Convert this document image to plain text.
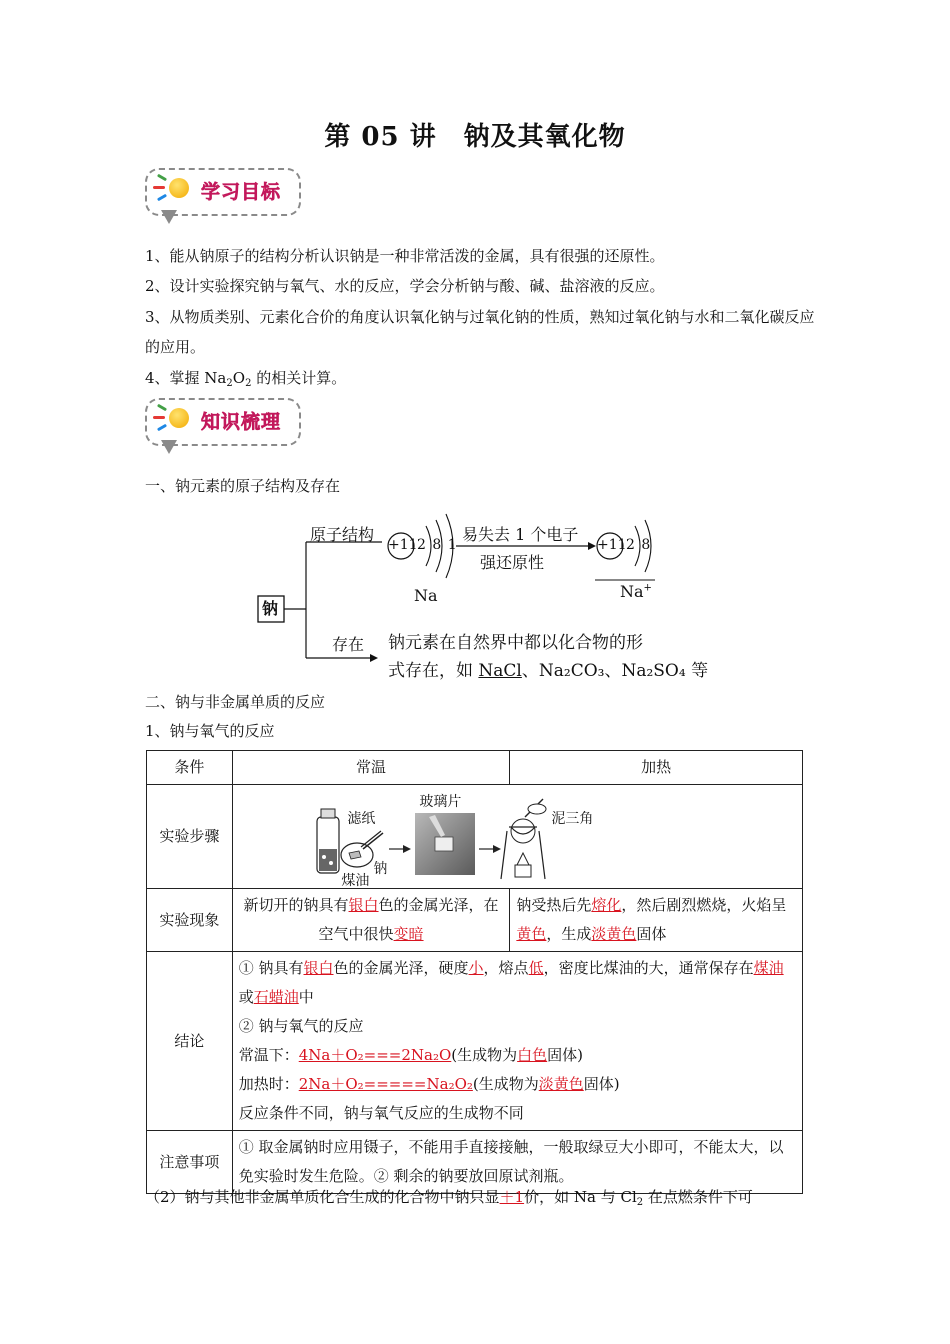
第 05 讲　钠及其氧化物
学习目标
1、能从钠原子的结构分析认识钠是一种非常活泼的金属，具有很强的还原性。
2、设计实验探究钠与氧气、水的反应，学会分析钠与酸、碱、盐溶液的反应。
3、从物质类别、元素化合价的角度认识氧化钠与过氧化钠的性质，熟知过氧化钠与水和二氧化碳反应的应用。
4、掌握 $Na_2O_2$ 的相关计算。
知识梳理
一、钠元素的原子结构及存在
钠
原子结构
+11 2 8 1
Na
易失去 1 个电子
强还原性
+11 2 8
Na+
存在 钠元素在自然界中都以化合物的形
式存在，如 NaCl、Na₂CO₃、Na₂SO₄ 等
二、钠与非金属单质的反应
1、钠与氧气的反应
条件	常温	加热
实验步骤	滤纸
煤油
钠
玻璃片
泥三角	

实验现象	新切开的钠具有银白色的金属光泽，在空气中很快变暗	钠受热后先熔化，然后剧烈燃烧，火焰呈黄色，生成淡黄色固体
结论	① 钠具有银白色的金属光泽，硬度小，熔点低，密度比煤油的大，通常保存在煤油或石蜡油中
② 钠与氧气的反应
常温下：4Na＋O₂===2Na₂O(生成物为白色固体)
加热时：2Na＋O₂=====Na₂O₂(生成物为淡黄色固体)
反应条件不同，钠与氧气反应的生成物不同	

注意事项	① 取金属钠时应用镊子，不能用手直接接触，一般取绿豆大小即可，不能太大，以免实验时发生危险。② 剩余的钠要放回原试剂瓶。	
（2）钠与其他非金属单质化合生成的化合物中钠只显＋1价，如 Na 与 $Cl_2$ 在点燃条件下可
